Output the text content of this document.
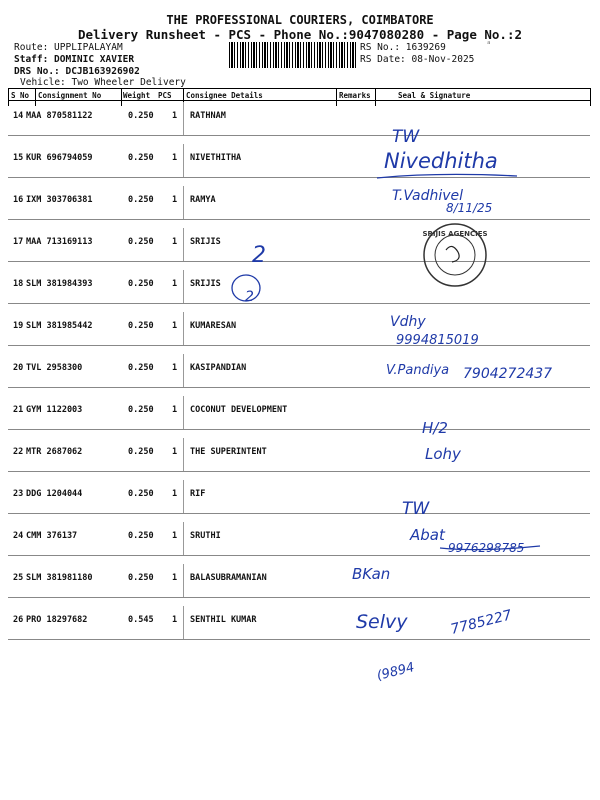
THE PROFESSIONAL COURIERS, COIMBATORE
Delivery Runsheet - PCS - Phone No.:9047080280 - Page No.:2
Route: UPPLIPALAYAM
Staff: DOMINIC XAVIER
DRS No.: DCJB163926902
Vehicle: Two Wheeler Delivery
RS No.: 1639269
RS Date: 08-Nov-2025
ᵃ
S No Consignment No	Weight PCS Consignee Details	Remarks	Seal & Signature
14 MAA 870581122	0.250 1 RATHNAM
15 KUR 696794059	0.250 1 NIVETHITHA
16 IXM 303706381	0.250 1 RAMYA
17 MAA 713169113	0.250 1 SRIJIS
18 SLM 381984393	0.250 1 SRIJIS
19 SLM 381985442	0.250 1 KUMARESAN
20 TVL 2958300	0.250 1 KASIPANDIAN
21 GYM 1122003	0.250 1 COCONUT DEVELOPMENT
22 MTR 2687062	0.250 1 THE SUPERINTENT
23 DDG 1204044	0.250 1 RIF
24 CMM 376137	0.250 1 SRUTHI
25 SLM 381981180	0.250 1 BALASUBRAMANIAN
26 PRO 18297682	0.545 1 SENTHIL KUMAR
TW
Nivedhitha
T.Vadhivel
8/11/25
2
2
Vdhy
9994815019
V.Pandiya 7904272437
H/2
Lohy
TW
Abat
9976298785
BKan
Selvy	7785227
(9894
SRIJIS AGENCIES
